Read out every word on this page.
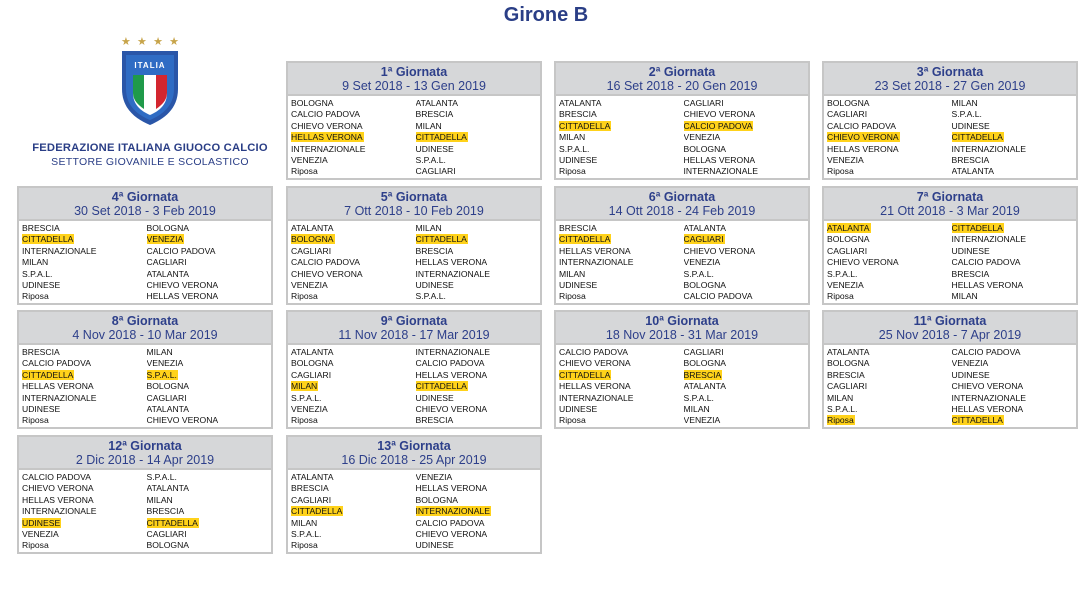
Girone B
★ ★ ★ ★
ITALIA
FEDERAZIONE ITALIANA GIUOCO CALCIO
SETTORE GIOVANILE E SCOLASTICO
1ª Giornata
9 Set 2018 - 13 Gen 2019
BOLOGNA	ATALANTA
CALCIO PADOVA	BRESCIA
CHIEVO VERONA	MILAN
HELLAS VERONA	CITTADELLA
INTERNAZIONALE	UDINESE
VENEZIA	S.P.A.L.
Riposa	CAGLIARI
2ª Giornata
16 Set 2018 - 20 Gen 2019
ATALANTA	CAGLIARI
BRESCIA	CHIEVO VERONA
CITTADELLA	CALCIO PADOVA
MILAN	VENEZIA
S.P.A.L.	BOLOGNA
UDINESE	HELLAS VERONA
Riposa	INTERNAZIONALE
3ª Giornata
23 Set 2018 - 27 Gen 2019
BOLOGNA	MILAN
CAGLIARI	S.P.A.L.
CALCIO PADOVA	UDINESE
CHIEVO VERONA	CITTADELLA
HELLAS VERONA	INTERNAZIONALE
VENEZIA	BRESCIA
Riposa	ATALANTA
4ª Giornata
30 Set 2018 - 3 Feb 2019
BRESCIA	BOLOGNA
CITTADELLA	VENEZIA
INTERNAZIONALE	CALCIO PADOVA
MILAN	CAGLIARI
S.P.A.L.	ATALANTA
UDINESE	CHIEVO VERONA
Riposa	HELLAS VERONA
5ª Giornata
7 Ott 2018 - 10 Feb 2019
ATALANTA	MILAN
BOLOGNA	CITTADELLA
CAGLIARI	BRESCIA
CALCIO PADOVA	HELLAS VERONA
CHIEVO VERONA	INTERNAZIONALE
VENEZIA	UDINESE
Riposa	S.P.A.L.
6ª Giornata
14 Ott 2018 - 24 Feb 2019
BRESCIA	ATALANTA
CITTADELLA	CAGLIARI
HELLAS VERONA	CHIEVO VERONA
INTERNAZIONALE	VENEZIA
MILAN	S.P.A.L.
UDINESE	BOLOGNA
Riposa	CALCIO PADOVA
7ª Giornata
21 Ott 2018 - 3 Mar 2019
ATALANTA	CITTADELLA
BOLOGNA	INTERNAZIONALE
CAGLIARI	UDINESE
CHIEVO VERONA	CALCIO PADOVA
S.P.A.L.	BRESCIA
VENEZIA	HELLAS VERONA
Riposa	MILAN
8ª Giornata
4 Nov 2018 - 10 Mar 2019
BRESCIA	MILAN
CALCIO PADOVA	VENEZIA
CITTADELLA	S.P.A.L.
HELLAS VERONA	BOLOGNA
INTERNAZIONALE	CAGLIARI
UDINESE	ATALANTA
Riposa	CHIEVO VERONA
9ª Giornata
11 Nov 2018 - 17 Mar 2019
ATALANTA	INTERNAZIONALE
BOLOGNA	CALCIO PADOVA
CAGLIARI	HELLAS VERONA
MILAN	CITTADELLA
S.P.A.L.	UDINESE
VENEZIA	CHIEVO VERONA
Riposa	BRESCIA
10ª Giornata
18 Nov 2018 - 31 Mar 2019
CALCIO PADOVA	CAGLIARI
CHIEVO VERONA	BOLOGNA
CITTADELLA	BRESCIA
HELLAS VERONA	ATALANTA
INTERNAZIONALE	S.P.A.L.
UDINESE	MILAN
Riposa	VENEZIA
11ª Giornata
25 Nov 2018 - 7 Apr 2019
ATALANTA	CALCIO PADOVA
BOLOGNA	VENEZIA
BRESCIA	UDINESE
CAGLIARI	CHIEVO VERONA
MILAN	INTERNAZIONALE
S.P.A.L.	HELLAS VERONA
Riposa	CITTADELLA
12ª Giornata
2 Dic 2018 - 14 Apr 2019
CALCIO PADOVA	S.P.A.L.
CHIEVO VERONA	ATALANTA
HELLAS VERONA	MILAN
INTERNAZIONALE	BRESCIA
UDINESE	CITTADELLA
VENEZIA	CAGLIARI
Riposa	BOLOGNA
13ª Giornata
16 Dic 2018 - 25 Apr 2019
ATALANTA	VENEZIA
BRESCIA	HELLAS VERONA
CAGLIARI	BOLOGNA
CITTADELLA	INTERNAZIONALE
MILAN	CALCIO PADOVA
S.P.A.L.	CHIEVO VERONA
Riposa	UDINESE
